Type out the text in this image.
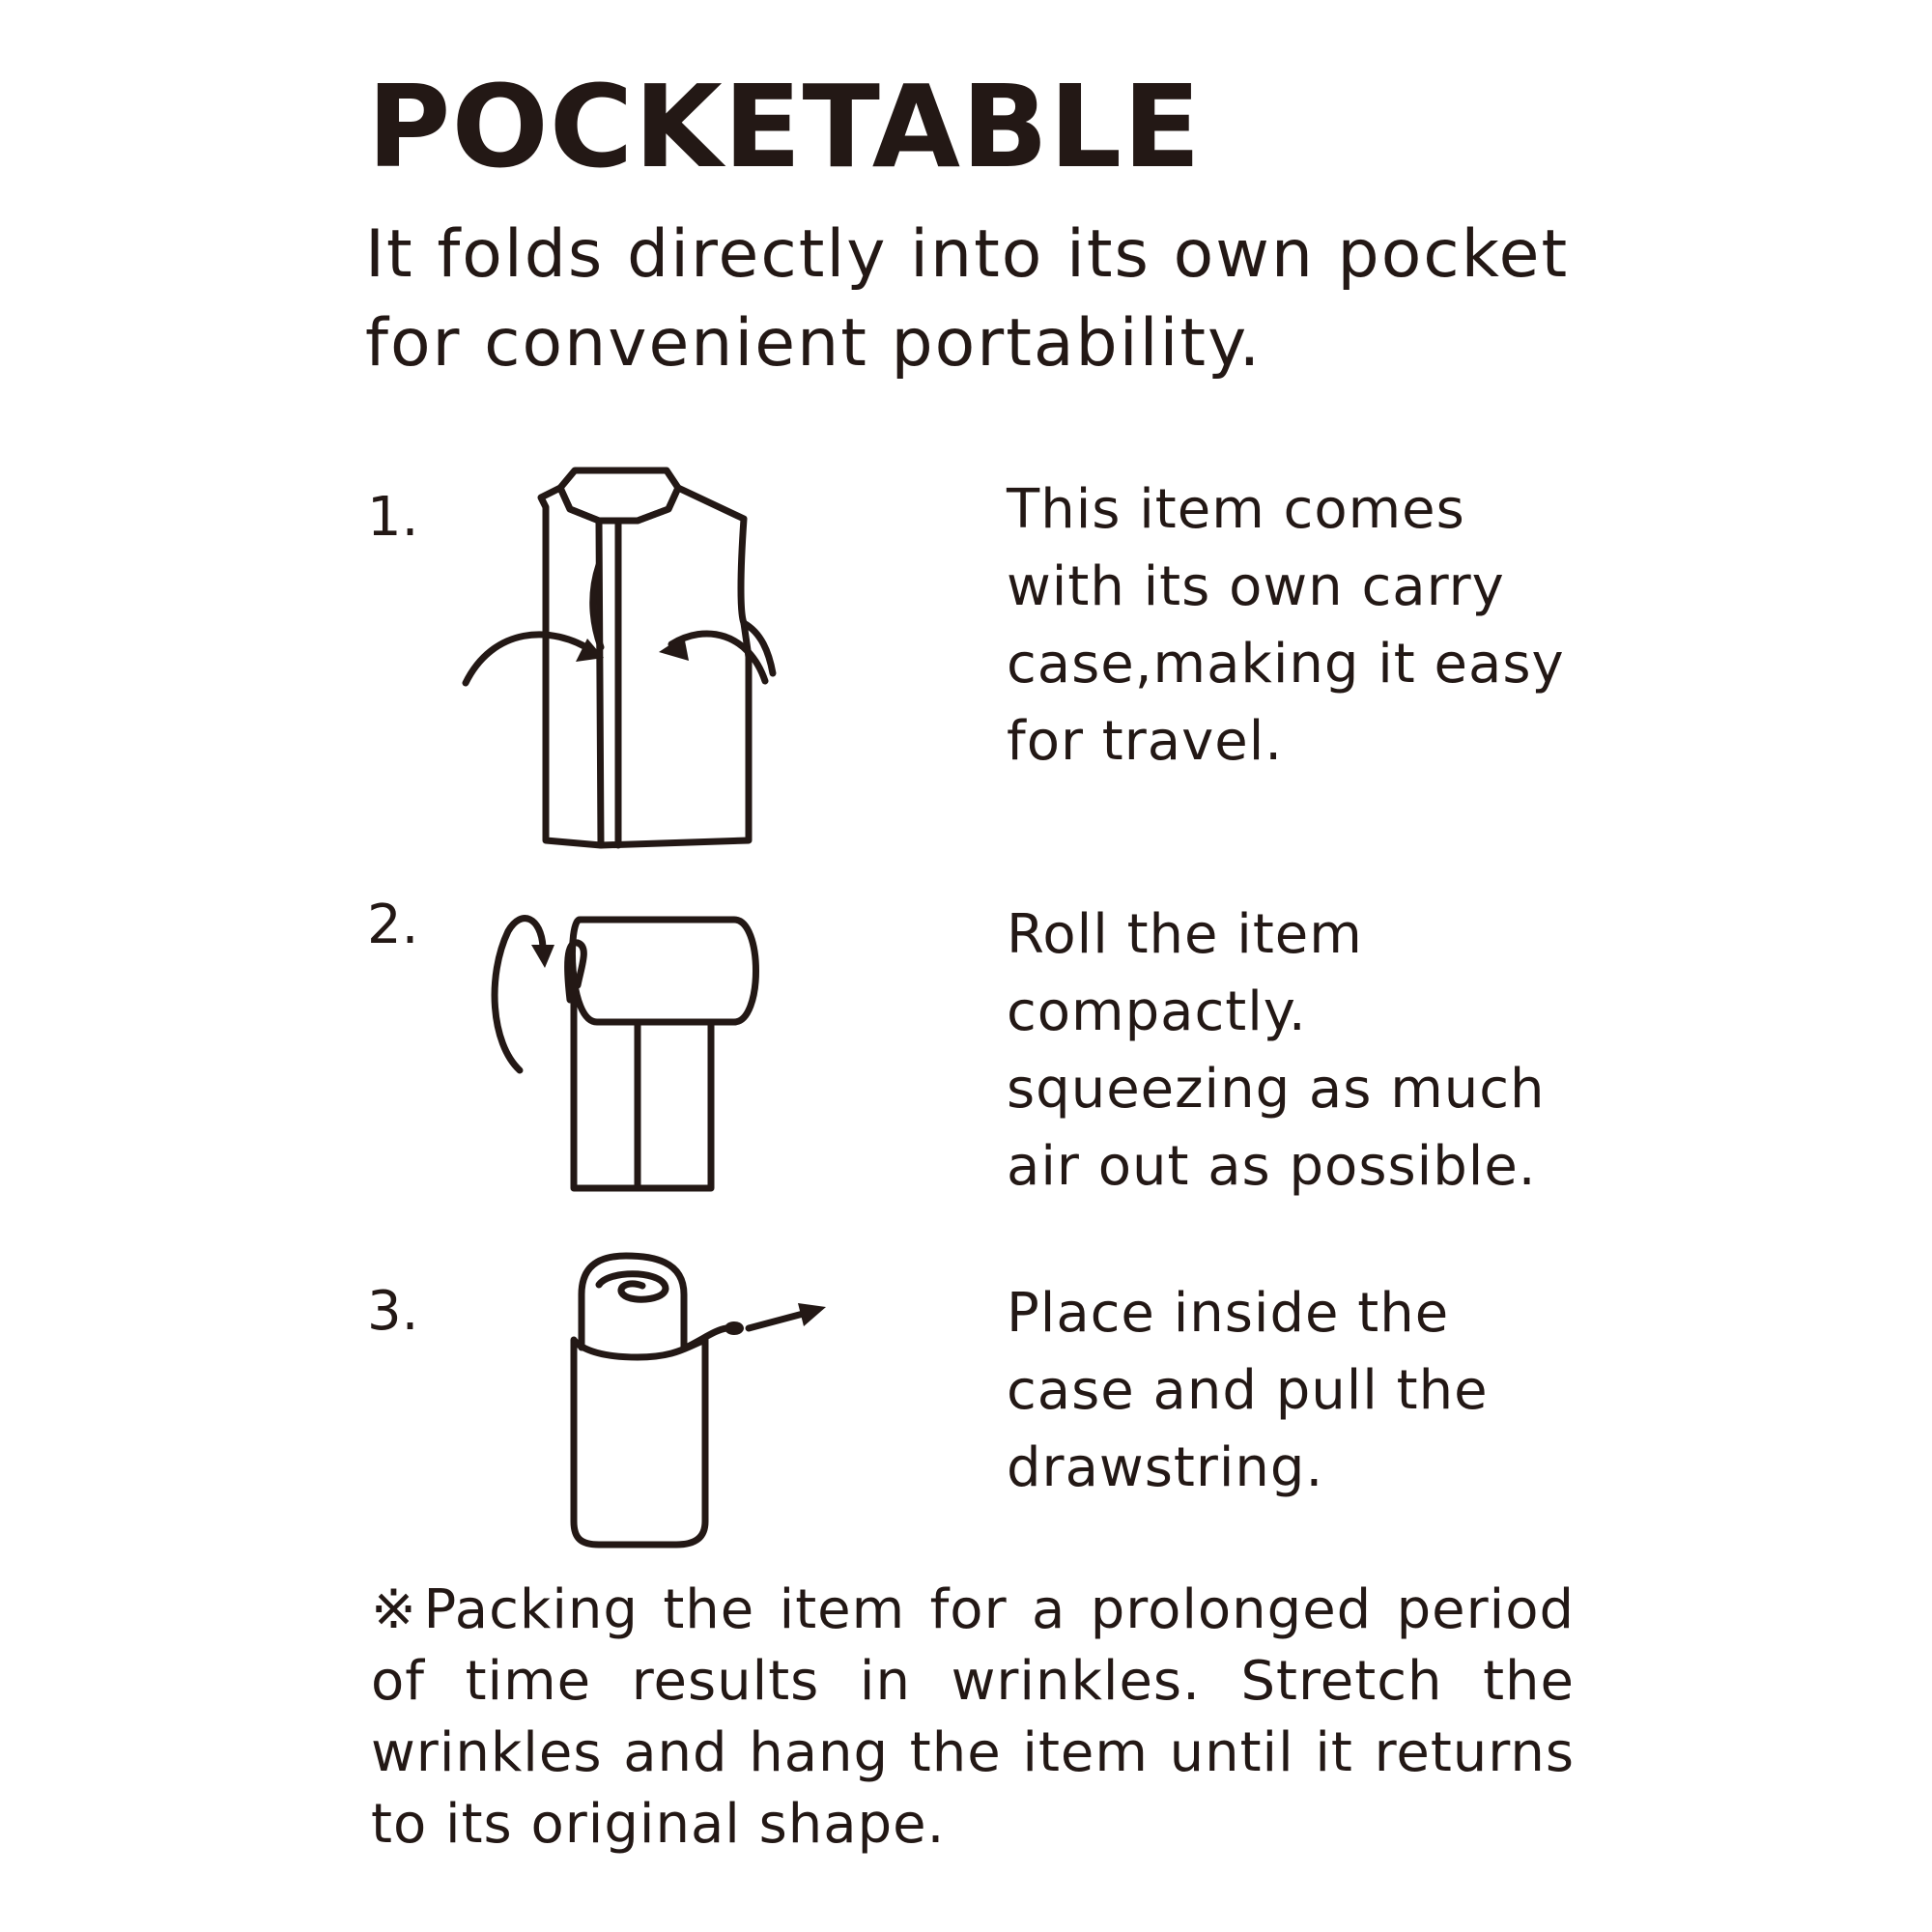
POCKETABLE

It folds directly into its own pocket for convenient portability.

1.	This item comes with its own carry case,making it easy for travel.
2.	Roll the item compactly. squeezing as much air out as possible.
3.	Place inside the case and pull the drawstring.

※Packing the item for a prolonged period of time results in wrinkles. Stretch the wrinkles and hang the item until it returns to its original shape.
